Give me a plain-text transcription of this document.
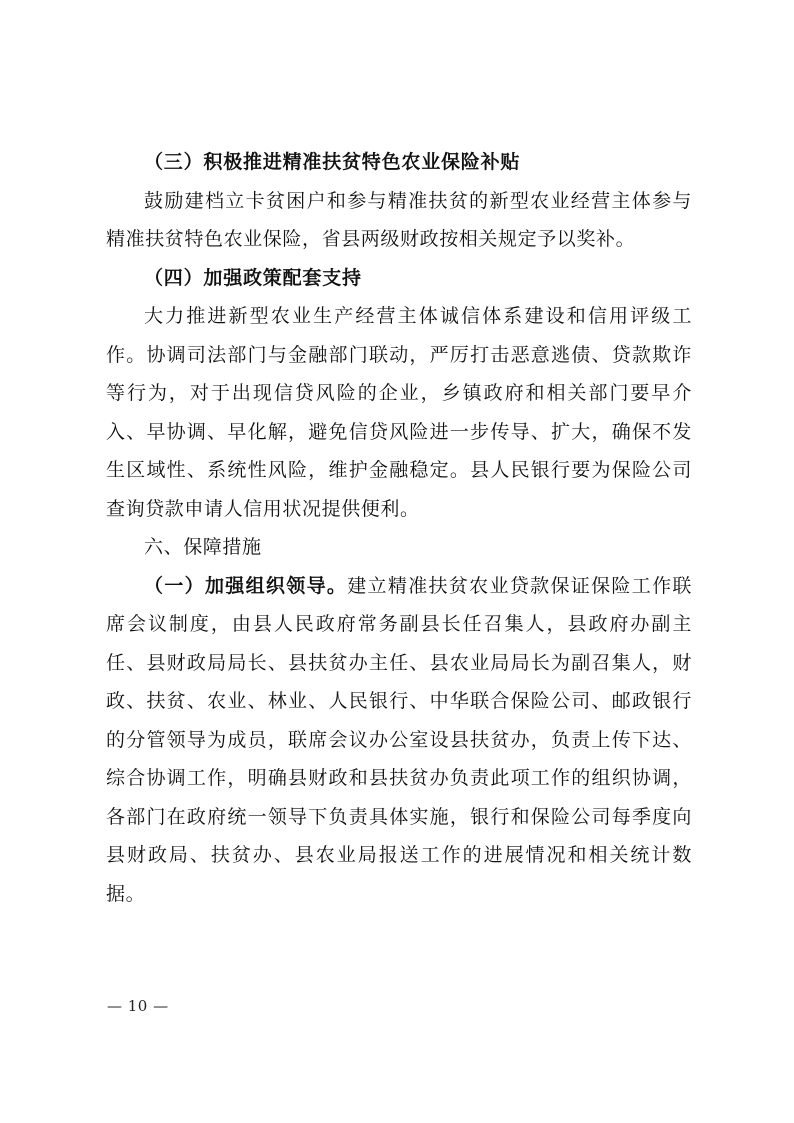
（三）积极推进精准扶贫特色农业保险补贴

鼓励建档立卡贫困户和参与精准扶贫的新型农业经营主体参与精准扶贫特色农业保险，省县两级财政按相关规定予以奖补。

（四）加强政策配套支持

大力推进新型农业生产经营主体诚信体系建设和信用评级工作。协调司法部门与金融部门联动，严厉打击恶意逃债、贷款欺诈等行为，对于出现信贷风险的企业，乡镇政府和相关部门要早介入、早协调、早化解，避免信贷风险进一步传导、扩大，确保不发生区域性、系统性风险，维护金融稳定。县人民银行要为保险公司查询贷款申请人信用状况提供便利。

六、保障措施

（一）加强组织领导。建立精准扶贫农业贷款保证保险工作联席会议制度，由县人民政府常务副县长任召集人，县政府办副主任、县财政局局长、县扶贫办主任、县农业局局长为副召集人，财政、扶贫、农业、林业、人民银行、中华联合保险公司、邮政银行的分管领导为成员，联席会议办公室设县扶贫办，负责上传下达、综合协调工作，明确县财政和县扶贫办负责此项工作的组织协调，各部门在政府统一领导下负责具体实施，银行和保险公司每季度向县财政局、扶贫办、县农业局报送工作的进展情况和相关统计数据。

— 10 —
